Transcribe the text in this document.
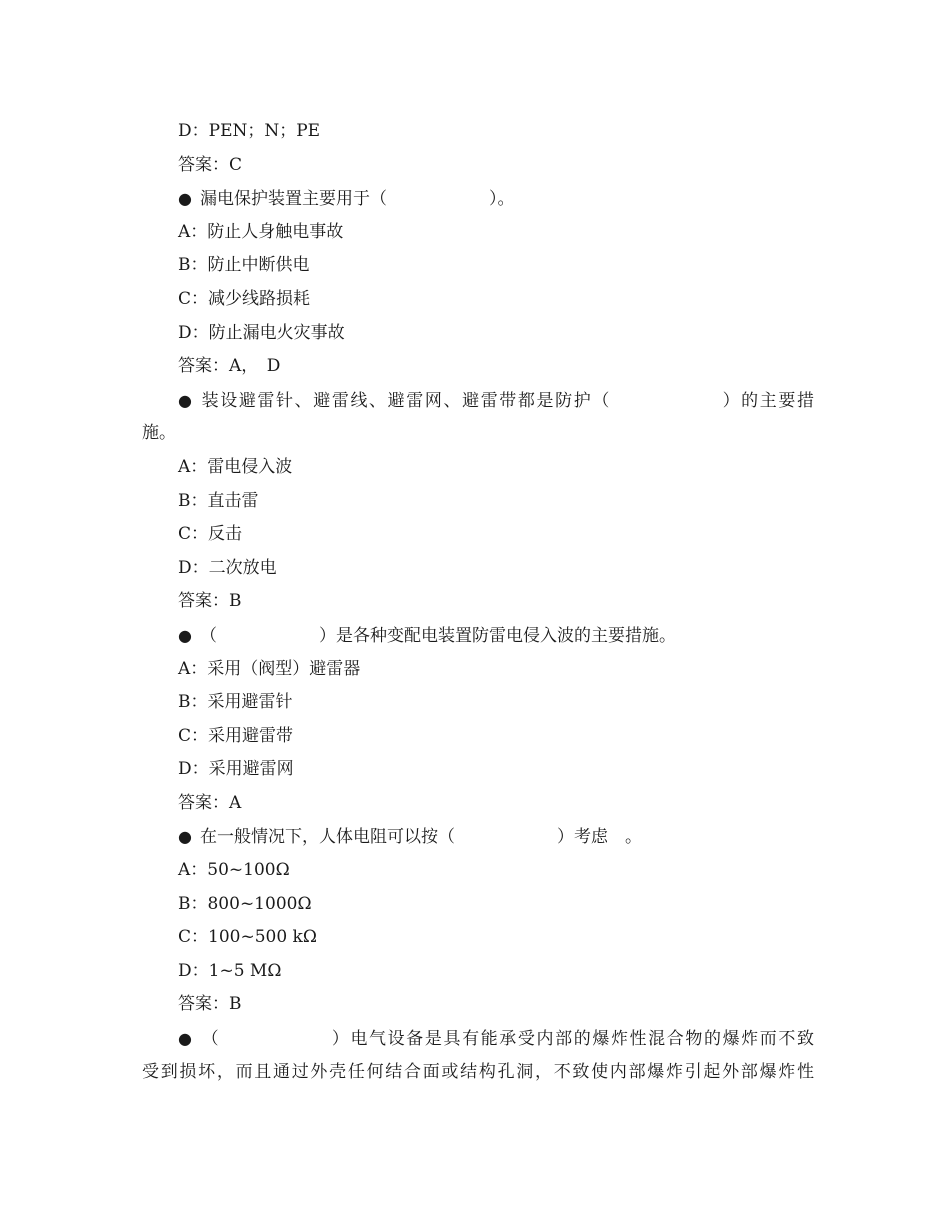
D：PEN；N；PE
答案：C
● 漏电保护装置主要用于（　　　　　　）。
A：防止人身触电事故
B：防止中断供电
C：减少线路损耗
D：防止漏电火灾事故
答案：A，　D
● 装设避雷针、避雷线、避雷网、避雷带都是防护（　　　　　　）的主要措
施。
A：雷电侵入波
B：直击雷
C：反击
D：二次放电
答案：B
● （　　　　　　）是各种变配电装置防雷电侵入波的主要措施。
A：采用（阀型）避雷器
B：采用避雷针
C：采用避雷带
D：采用避雷网
答案：A
● 在一般情况下，人体电阻可以按（　　　　　　）考虑　。
A：50~100Ω
B：800~1000Ω
C：100~500 kΩ
D：1~5 MΩ
答案：B
● （　　　　　　）电气设备是具有能承受内部的爆炸性混合物的爆炸而不致
受到损坏，而且通过外壳任何结合面或结构孔洞，不致使内部爆炸引起外部爆炸性
